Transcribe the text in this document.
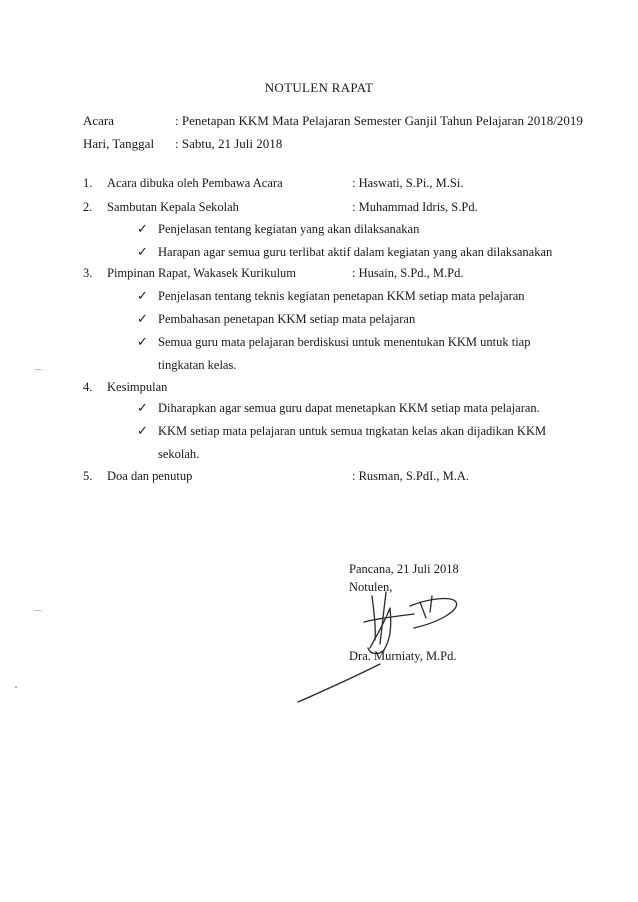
NOTULEN RAPAT
Acara	: Penetapan KKM Mata Pelajaran Semester Ganjil Tahun Pelajaran 2018/2019
Hari, Tanggal : Sabtu, 21 Juli 2018
1. Acara dibuka oleh Pembawa Acara	: Haswati, S.Pi., M.Si.
2. Sambutan Kepala Sekolah	: Muhammad Idris, S.Pd.
✓ Penjelasan tentang kegiatan yang akan dilaksanakan
✓ Harapan agar semua guru terlibat aktif dalam kegiatan yang akan dilaksanakan
3. Pimpinan Rapat, Wakasek Kurikulum	: Husain, S.Pd., M.Pd.
✓ Penjelasan tentang teknis kegiatan penetapan KKM setiap mata pelajaran
✓ Pembahasan penetapan KKM setiap mata pelajaran
✓ Semua guru mata pelajaran berdiskusi untuk menentukan KKM untuk tiap
tingkatan kelas.
4. Kesimpulan
✓ Diharapkan agar semua guru dapat menetapkan KKM setiap mata pelajaran.
✓ KKM setiap mata pelajaran untuk semua tngkatan kelas akan dijadikan KKM
sekolah.
5. Doa dan penutup	: Rusman, S.PdI., M.A.
Pancana, 21 Juli 2018
Notulen,
Dra. Murniaty, M.Pd.
